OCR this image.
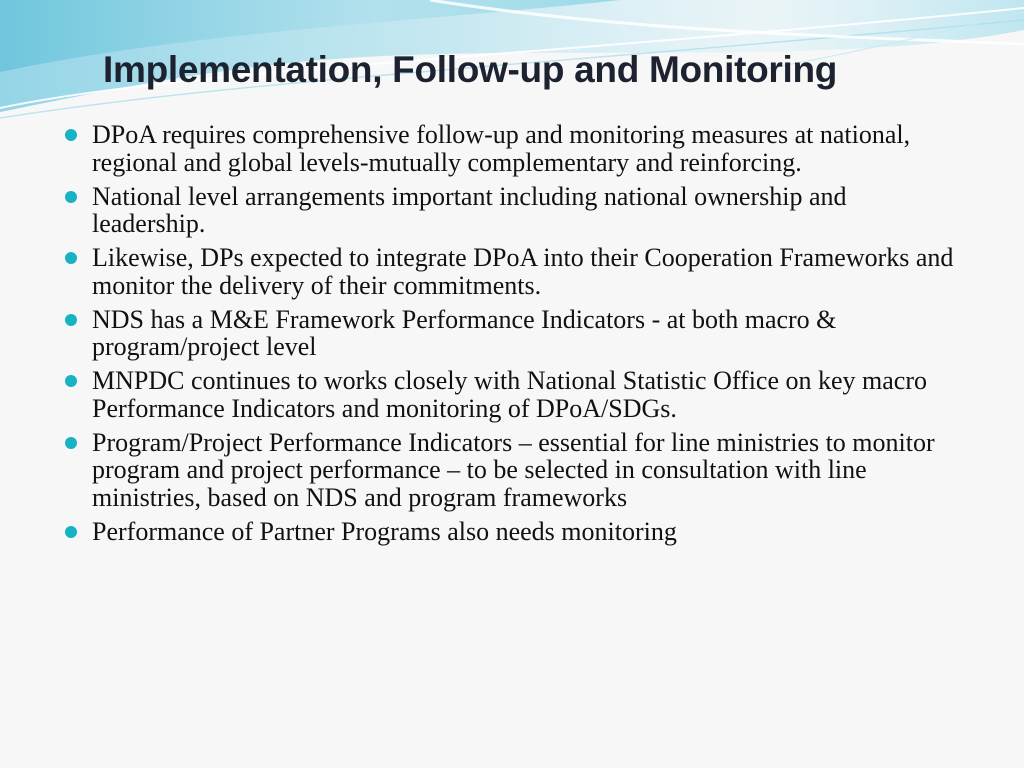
Implementation, Follow-up and Monitoring
DPoA requires comprehensive follow-up and monitoring measures at national, regional and global levels-mutually complementary and reinforcing.
National level arrangements important including national ownership and leadership.
Likewise, DPs expected to integrate DPoA into their Cooperation Frameworks and monitor the delivery of their commitments.
NDS has a M&E Framework Performance Indicators - at both macro & program/project level
MNPDC continues to works closely with National Statistic Office on key macro Performance Indicators and monitoring of DPoA/SDGs.
Program/Project Performance Indicators – essential for line ministries to monitor program and project performance – to be selected in consultation with line ministries, based on NDS and program frameworks
Performance of Partner Programs also needs monitoring
